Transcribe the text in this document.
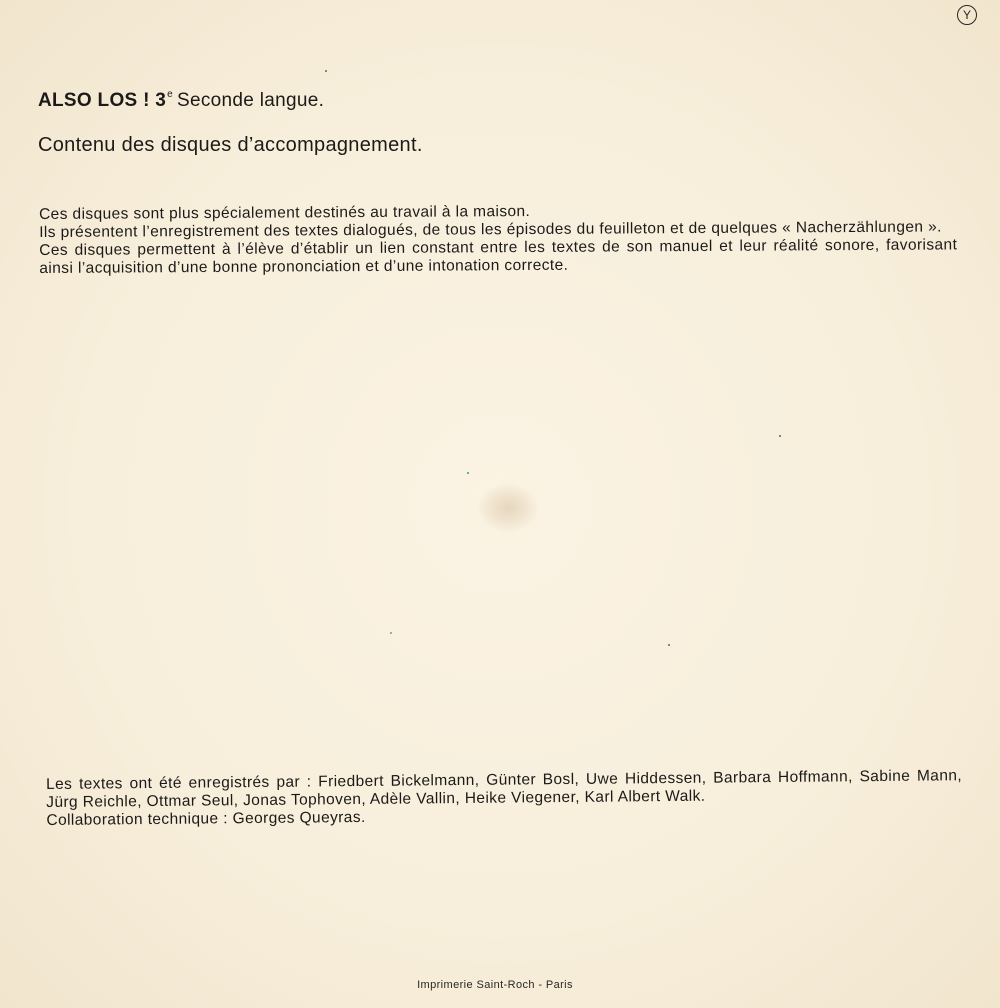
Y
ALSO LOS ! 3e Seconde langue.
Contenu des disques d’accompagnement.

Ces disques sont plus spécialement destinés au travail à la maison.

Ils présentent l’enregistrement des textes dialogués, de tous les épisodes du feuilleton et de quelques « Nacherzählungen ».

Ces disques permettent à l’élève d’établir un lien constant entre les textes de son manuel et leur réalité sonore, favorisant ainsi l’acquisition d’une bonne prononciation et d’une intonation correcte.

Les textes ont été enregistrés par : Friedbert Bickelmann, Günter Bosl, Uwe Hiddessen, Barbara Hoffmann, Sabine Mann, Jürg Reichle, Ottmar Seul, Jonas Tophoven, Adèle Vallin, Heike Viegener, Karl Albert Walk.

Collaboration technique : Georges Queyras.

Imprimerie Saint-Roch - Paris
